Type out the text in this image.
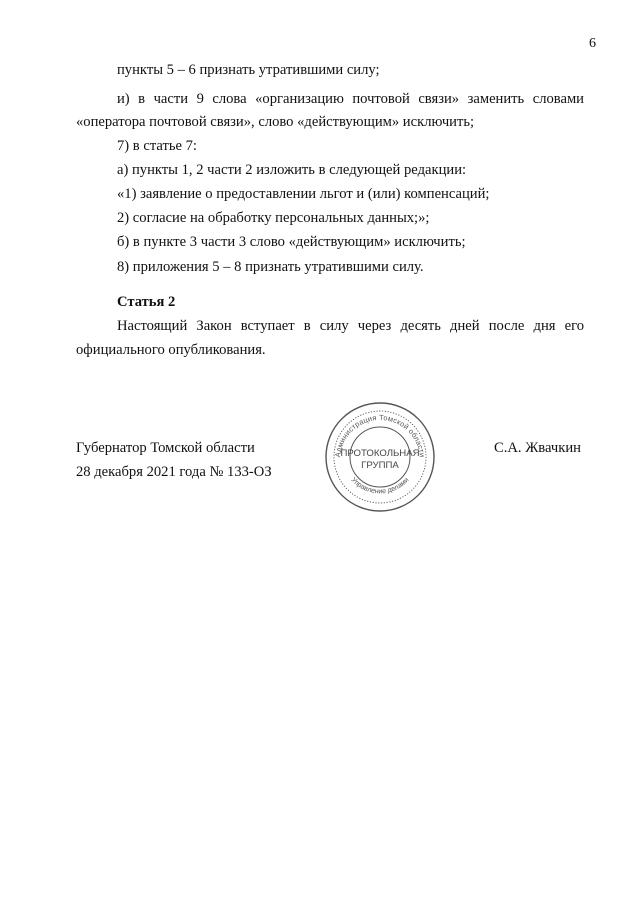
6
пункты 5 – 6 признать утратившими силу;
и) в части 9 слова «организацию почтовой связи» заменить словами
«оператора почтовой связи», слово «действующим» исключить;
7) в статье 7:
а) пункты 1, 2 части 2 изложить в следующей редакции:
«1) заявление о предоставлении льгот и (или) компенсаций;
2) согласие на обработку персональных данных;»;
б) в пункте 3 части 3 слово «действующим» исключить;
8) приложения 5 – 8 признать утратившими силу.
Статья 2
Настоящий Закон вступает в силу через десять дней после дня его
официального опубликования.
Губернатор Томской области
28 декабря 2021 года № 133-ОЗ
С.А. Жвачкин
Администрация Томской области
Управление делами
ПРОТОКОЛЬНАЯ
ГРУППА
